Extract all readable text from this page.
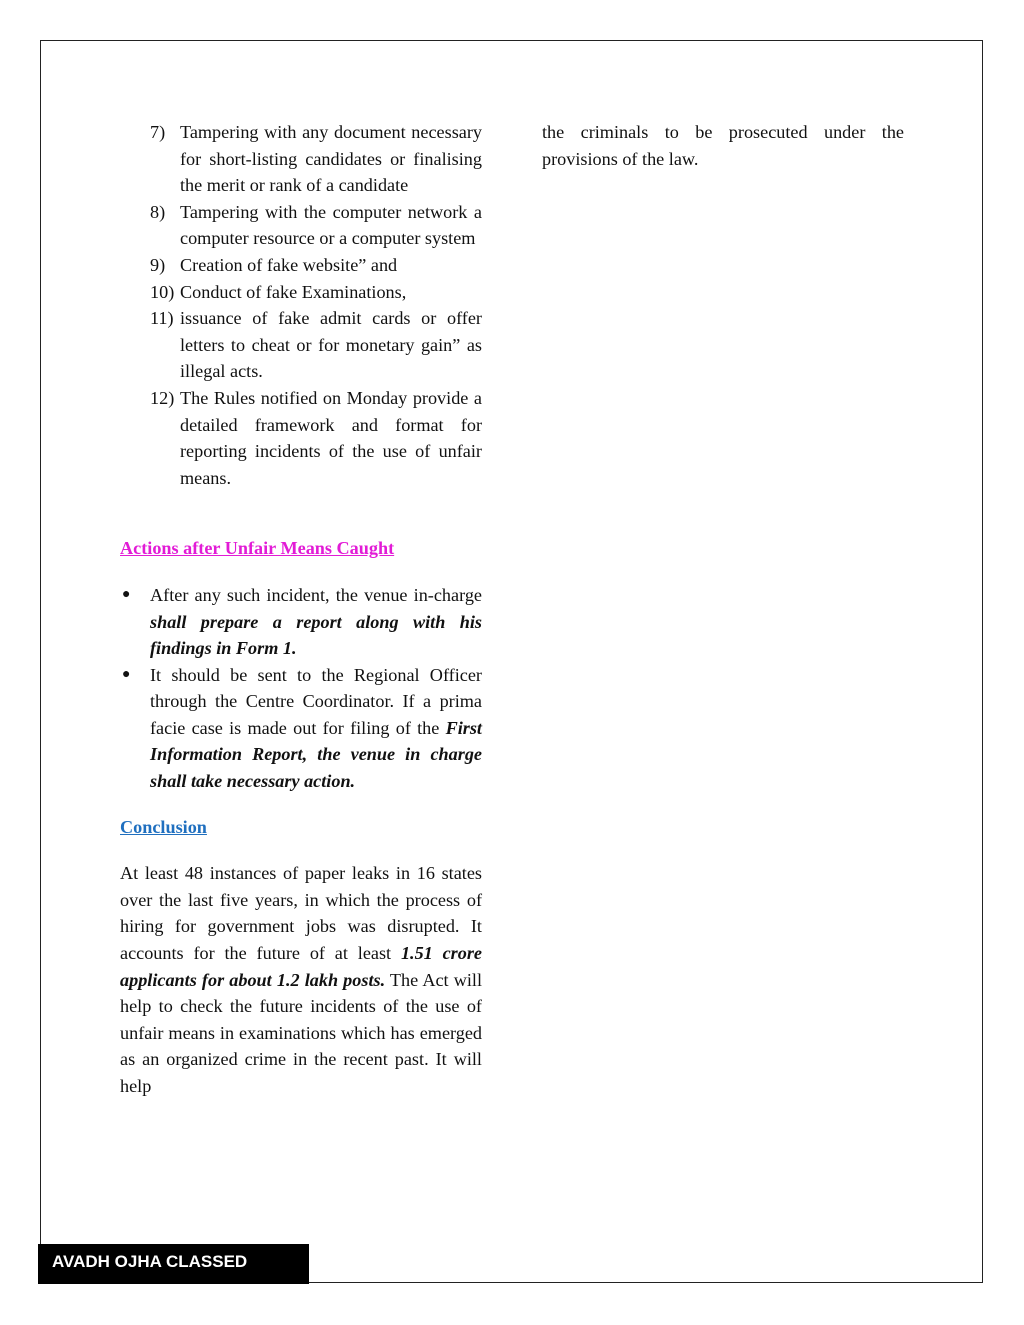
7) Tampering with any document necessary for short-listing candidates or finalising the merit or rank of a candidate
8) Tampering with the computer network a computer resource or a computer system
9) Creation of fake website” and
10) Conduct of fake Examinations,
11) issuance of fake admit cards or offer letters to cheat or for monetary gain” as illegal acts.
12) The Rules notified on Monday provide a detailed framework and format for reporting incidents of the use of unfair means.

Actions after Unfair Means Caught

● After any such incident, the venue in-charge shall prepare a report along with his findings in Form 1.
● It should be sent to the Regional Officer through the Centre Coordinator. If a prima facie case is made out for filing of the First Information Report, the venue in charge shall take necessary action.

Conclusion

At least 48 instances of paper leaks in 16 states over the last five years, in which the process of hiring for government jobs was disrupted. It accounts for the future of at least 1.51 crore applicants for about 1.2 lakh posts. The Act will help to check the future incidents of the use of unfair means in examinations which has emerged as an organized crime in the recent past. It will help

the criminals to be prosecuted under the provisions of the law.

AVADH OJHA CLASSED
